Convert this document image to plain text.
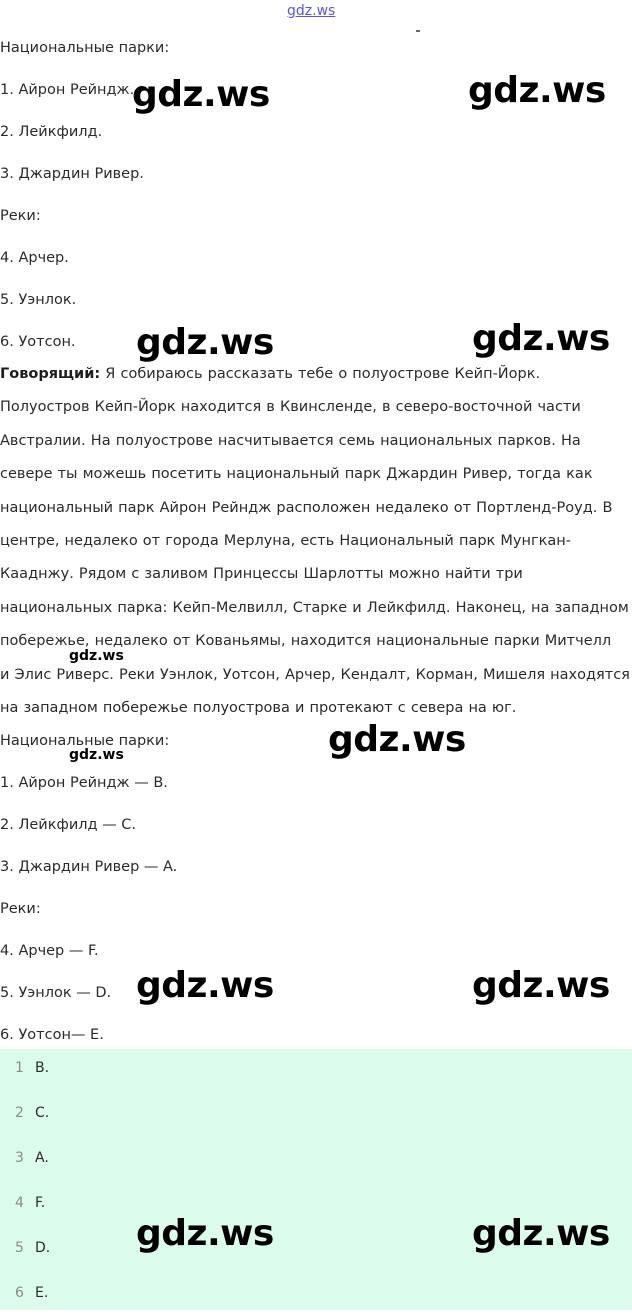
gdz.ws
Национальные парки:
1. Айрон Рейндж.
2. Лейкфилд.
3. Джардин Ривер.
Реки:
4. Арчер.
5. Уэнлок.
6. Уотсон.
Говорящий: Я собираюсь рассказать тебе о полуострове Кейп-Йорк.
Полуостров Кейп-Йорк находится в Квинсленде, в северо-восточной части
Австралии. На полуострове насчитывается семь национальных парков. На
севере ты можешь посетить национальный парк Джардин Ривер, тогда как
национальный парк Айрон Рейндж расположен недалеко от Портленд-Роуд. В
центре, недалеко от города Мерлуна, есть Национальный парк Мунгкан-
Кааднжу. Рядом с заливом Принцессы Шарлотты можно найти три
национальных парка: Кейп-Мелвилл, Старке и Лейкфилд. Наконец, на западном
побережье, недалеко от Кованьямы, находится национальные парки Митчелл
и Элис Риверс. Реки Уэнлок, Уотсон, Арчер, Кендалт, Корман, Мишеля находятся
на западном побережье полуострова и протекают с севера на юг.
Национальные парки:
1. Айрон Рейндж — B.
2. Лейкфилд — C.
3. Джардин Ривер — A.
Реки:
4. Арчер — F.
5. Уэнлок — D.
6. Уотсон— E.
1 B.
2 C.
3 A.
4 F.
5 D.
6 E.
gdz.ws	gdz.ws
gdz.ws	gdz.ws
gdz.ws
gdz.ws
gdz.ws
gdz.ws	gdz.ws
gdz.ws	gdz.ws
